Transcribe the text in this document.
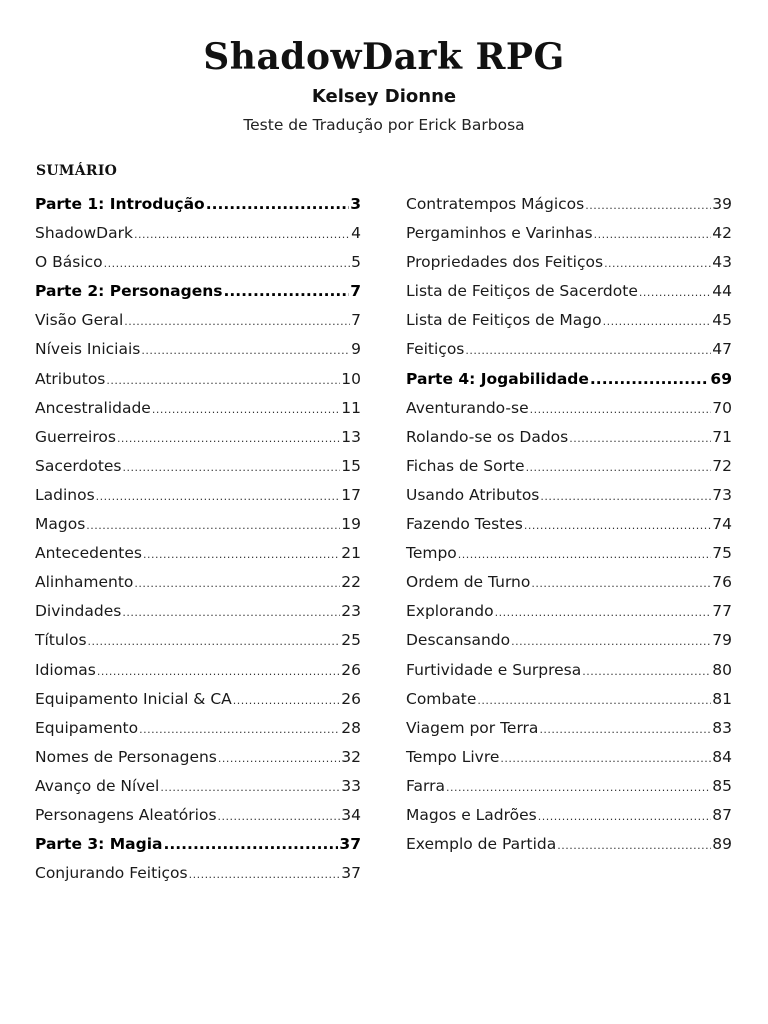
ShadowDark RPG
Kelsey Dionne
Teste de Tradução por Erick Barbosa
SUMÁRIO
Parte 1: Introdução .....	3
ShadowDark .....	4
O Básico .....	5
Parte 2: Personagens .....	7
Visão Geral .....	7
Níveis Iniciais .....	9
Atributos .....	10
Ancestralidade .....	11
Guerreiros .....	13
Sacerdotes .....	15
Ladinos .....	17
Magos .....	19
Antecedentes .....	21
Alinhamento .....	22
Divindades .....	23
Títulos .....	25
Idiomas .....	26
Equipamento Inicial & CA .....	26
Equipamento .....	28
Nomes de Personagens .....	32
Avanço de Nível .....	33
Personagens Aleatórios .....	34
Parte 3: Magia .....	37
Conjurando Feitiços .....	37
Contratempos Mágicos .....	39
Pergaminhos e Varinhas .....	42
Propriedades dos Feitiços .....	43
Lista de Feitiços de Sacerdote .....	44
Lista de Feitiços de Mago .....	45
Feitiços .....	47
Parte 4: Jogabilidade .....	69
Aventurando-se .....	70
Rolando-se os Dados .....	71
Fichas de Sorte .....	72
Usando Atributos .....	73
Fazendo Testes .....	74
Tempo .....	75
Ordem de Turno .....	76
Explorando .....	77
Descansando .....	79
Furtividade e Surpresa .....	80
Combate .....	81
Viagem por Terra .....	83
Tempo Livre .....	84
Farra .....	85
Magos e Ladrões .....	87
Exemplo de Partida .....	89
